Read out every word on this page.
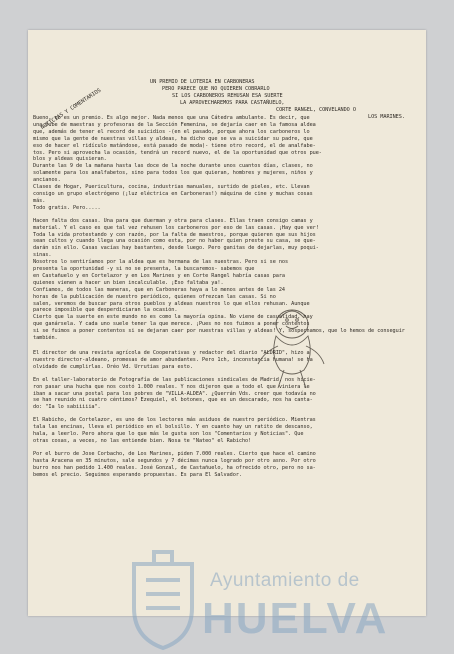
UN PREMIO DE LOTERIA EN CARBONERAS
PERO PARECE QUE NO QUIEREN COBRARLO
SI LOS CARBONEROS REHUSAN ESA SUERTE
LA APROVECHAREMOS PARA CASTAÑUELO,
CORTE RANGEL, CONVELANDO O
LOS MARINES.
NOTICIAS Y COMENTARIOS
Bueno, no es un premio. Es algo mejor. Nada menos que una Cátedra ambulante. Es decir, que
una nube de maestras y profesoras de la Sección Femenina, se dejaría caer en la famosa aldea
que, además de tener el record de suicidios -(en el pasado, porque ahora los carboneros lo
mismo que la gente de nuestras villas y aldeas, ha dicho que se va a suicidar su padre, que
eso de hacer el ridículo matándose, está pasado de moda)- tiene otro record, el de analfabe-
tos. Pero si aprovecha la ocasión, tendrá un record nuevo, el de la oportunidad que otros pue-
blos y aldeas quisieran.
Durante las 9 de la mañana hasta las doce de la noche durante unos cuantos días, clases, no
solamente para los analfabetos, sino para todos los que quieran, hombres y mujeres, niños y
ancianos.
Clases de Hogar, Puericultura, cocina, industrias manuales, surtido de pieles, etc. Llevan
consigo un grupo electrógeno (¡luz eléctrica en Carboneras!) máquina de cine y muchas cosas
más.
Todo gratis. Pero.....
Hacen falta dos casas. Una para que duerman y otra para clases. Ellas traen consigo camas y
material. Y el caso es que tal vez rehusen los carboneros por eso de las casas. ¡Hay que ver!
Toda la vida protestando y con razón, por la falta de maestros, porque quieren que sus hijos
sean cultos y cuando llega una ocasión como esta, por no haber quien preste su casa, se que-
darán sin ello. Casas vacías hay bastantes, desde luego. Pero ganitas de dejarlas, muy poqui-
sinas.
Nosotros lo sentiríamos por la aldea que es hermana de las nuestras. Pero si se nos
presenta la oportunidad -y si no se presenta, la buscaremos- sabemos que
en Castañuelo y en Cortelazor y en Los Marines y en Corte Rangel habría casas para
quienes vienen a hacer un bien incalculable. ¡Eso faltaba ya!.
Confiamos, de todos las maneras, que en Carboneras haya a lo menos antes de las 24
horas de la publicación de nuestro periódico, quienes ofrezcan las casas. Si no
salen, veremos de buscar para otros pueblos y aldeas nuestros lo que ellos rehusan. Aunque
parece imposible que desperdiciaran la ocasión.
Cierto que la suerte en este mundo no es como la mayoría opina. No viene de casualidad, hay
que ganársela. Y cada uno suele tener la que merece. ¡Pues no nos fuimos a poner contentos
si se fuimos a poner contentos si se dejaran caer por nuestras villas y aldeas! Y, sospechamos, que lo hemos de conseguir
también.
El director de una revista agrícola de Cooperativas y redactor del diario "ALDRID", hizo a
nuestro director-aldeano, promesas de amor abundantes. Pero 1ch, inconstancia humana! se ha
olvidado de cumplirlas. Oréo Vd. Urrutias para esto.
En el taller-laboratorio de Fotografía de las publicaciones sindicales de Madrid, nos hicie-
ron pasar una hucha que nos costó 1.000 reales. Y nos dijeron que a todo el que viniera le
iban a sacar una postal para los pobres de "VILLA-ALDEA". ¿Querrán Vds. creer que todavía no
se han reunido ni cuatro céntimos? Ezequiel, el botones, que es un descarado, nos ha canta-
do: "Ia lo sabiiiiia".
El Rabicho, de Cortelazor, es uno de los lectores más asiduos de nuestro periódico. Mientras
tala las encinas, lleva el periódico en el bolsillo. Y en cuanto hay un ratito de descanso,
hala, a leerlo. Pero ahora que lo que más le gusta son los "Comentarios y Noticias". Que
otras cosas, a veces, no las entiende bien. Nosa te "Nateo" el Rabicho!
Por el burro de Jose Corbacho, de Los Marines, piden 7.000 reales. Cierto que hace el camino
hasta Aracena en 35 minutos, sale segundos y 7 décimas nunca logrado por otro asno. Por otro
burro nos han pedido 1.400 reales. José Gonzal, de Castañuelo, ha ofrecido otro, pero no sa-
bemos el precio. Seguimos esperando propuestas. Es para El Salvador.
Ayuntamiento de
HUELVA
